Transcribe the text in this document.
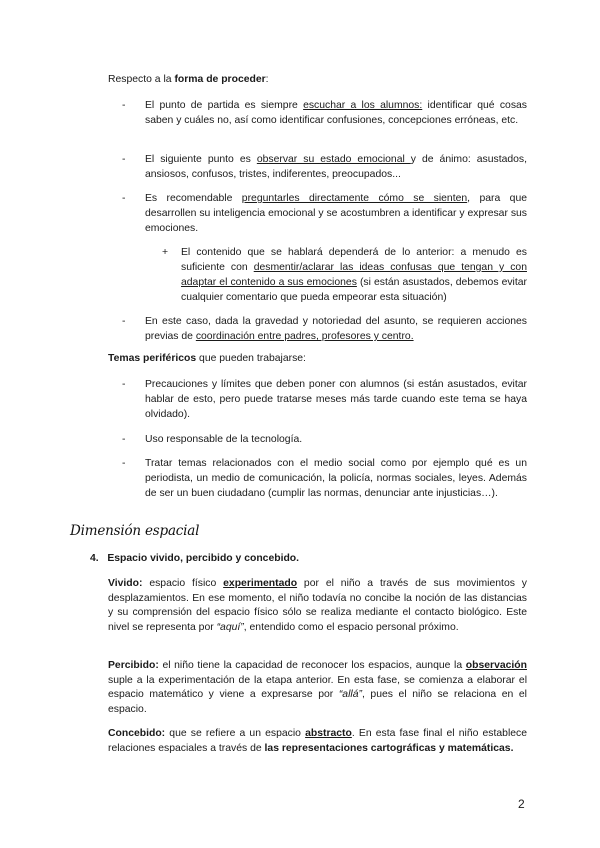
Respecto a la forma de proceder:

- El punto de partida es siempre escuchar a los alumnos: identificar qué cosas saben y cuáles no, así como identificar confusiones, concepciones erróneas, etc.

- El siguiente punto es observar su estado emocional y de ánimo: asustados, ansiosos, confusos, tristes, indiferentes, preocupados...

- Es recomendable preguntarles directamente cómo se sienten, para que desarrollen su inteligencia emocional y se acostumbren a identificar y expresar sus emociones.

+ El contenido que se hablará dependerá de lo anterior: a menudo es suficiente con desmentir/aclarar las ideas confusas que tengan y con adaptar el contenido a sus emociones (si están asustados, debemos evitar cualquier comentario que pueda empeorar esta situación)

- En este caso, dada la gravedad y notoriedad del asunto, se requieren acciones previas de coordinación entre padres, profesores y centro.

Temas periféricos que pueden trabajarse:

- Precauciones y límites que deben poner con alumnos (si están asustados, evitar hablar de esto, pero puede tratarse meses más tarde cuando este tema se haya olvidado).

- Uso responsable de la tecnología.

- Tratar temas relacionados con el medio social como por ejemplo qué es un periodista, un medio de comunicación, la policía, normas sociales, leyes. Además de ser un buen ciudadano (cumplir las normas, denunciar ante injusticias…).

Dimensión espacial

4. Espacio vivido, percibido y concebido.

Vivido: espacio físico experimentado por el niño a través de sus movimientos y desplazamientos. En ese momento, el niño todavía no concibe la noción de las distancias y su comprensión del espacio físico sólo se realiza mediante el contacto biológico. Este nivel se representa por “aquí”, entendido como el espacio personal próximo.

Percibido: el niño tiene la capacidad de reconocer los espacios, aunque la observación suple a la experimentación de la etapa anterior. En esta fase, se comienza a elaborar el espacio matemático y viene a expresarse por “allá”, pues el niño se relaciona en el espacio.

Concebido: que se refiere a un espacio abstracto. En esta fase final el niño establece relaciones espaciales a través de las representaciones cartográficas y matemáticas.

2
